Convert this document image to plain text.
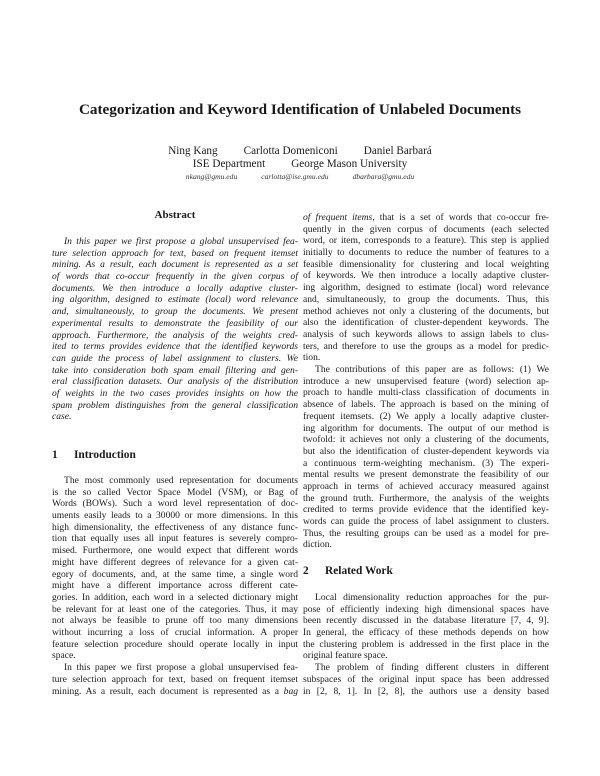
Categorization and Keyword Identification of Unlabeled Documents
Ning Kang Carlotta Domeniconi Daniel Barbará
ISE Department George Mason University
nkang@gmu.edu	carlotta@ise.gmu.edu	dbarbara@gmu.edu
Abstract
In this paper we first propose a global unsupervised fea-
ture selection approach for text, based on frequent itemset
mining. As a result, each document is represented as a set
of words that co-occur frequently in the given corpus of
documents. We then introduce a locally adaptive cluster-
ing algorithm, designed to estimate (local) word relevance
and, simultaneously, to group the documents. We present
experimental results to demonstrate the feasibility of our
approach. Furthermore, the analysis of the weights cred-
ited to terms provides evidence that the identified keywords
can guide the process of label assignment to clusters. We
take into consideration both spam email filtering and gen-
eral classification datasets. Our analysis of the distribution
of weights in the two cases provides insights on how the
spam problem distinguishes from the general classification
case.
1 Introduction
The most commonly used representation for documents
is the so called Vector Space Model (VSM), or Bag of
Words (BOWs). Such a word level representation of doc-
uments easily leads to a 30000 or more dimensions. In this
high dimensionality, the effectiveness of any distance func-
tion that equally uses all input features is severely compro-
mised. Furthermore, one would expect that different words
might have different degrees of relevance for a given cat-
egory of documents, and, at the same time, a single word
might have a different importance across different cate-
gories. In addition, each word in a selected dictionary might
be relevant for at least one of the categories. Thus, it may
not always be feasible to prune off too many dimensions
without incurring a loss of crucial information. A proper
feature selection procedure should operate locally in input
space.
In this paper we first propose a global unsupervised fea-
ture selection approach for text, based on frequent itemset
mining. As a result, each document is represented as a bag
of frequent items, that is a set of words that co-occur fre-
quently in the given corpus of documents (each selected
word, or item, corresponds to a feature). This step is applied
initially to documents to reduce the number of features to a
feasible dimensionality for clustering and local weighting
of keywords. We then introduce a locally adaptive cluster-
ing algorithm, designed to estimate (local) word relevance
and, simultaneously, to group the documents. Thus, this
method achieves not only a clustering of the documents, but
also the identification of cluster-dependent keywords. The
analysis of such keywords allows to assign labels to clus-
ters, and therefore to use the groups as a model for predic-
tion.
The contributions of this paper are as follows: (1) We
introduce a new unsupervised feature (word) selection ap-
proach to handle multi-class classification of documents in
absence of labels. The approach is based on the mining of
frequent itemsets. (2) We apply a locally adaptive cluster-
ing algorithm for documents. The output of our method is
twofold: it achieves not only a clustering of the documents,
but also the identification of cluster-dependent keywords via
a continuous term-weighting mechanism. (3) The experi-
mental results we present demonstrate the feasibility of our
approach in terms of achieved accuracy measured against
the ground truth. Furthermore, the analysis of the weights
credited to terms provide evidence that the identified key-
words can guide the process of label assignment to clusters.
Thus, the resulting groups can be used as a model for pre-
diction.
2 Related Work
Local dimensionality reduction approaches for the pur-
pose of efficiently indexing high dimensional spaces have
been recently discussed in the database literature [7, 4, 9].
In general, the efficacy of these methods depends on how
the clustering problem is addressed in the first place in the
original feature space.
The problem of finding different clusters in different
subspaces of the original input space has been addressed
in [2, 8, 1]. In [2, 8], the authors use a density based
